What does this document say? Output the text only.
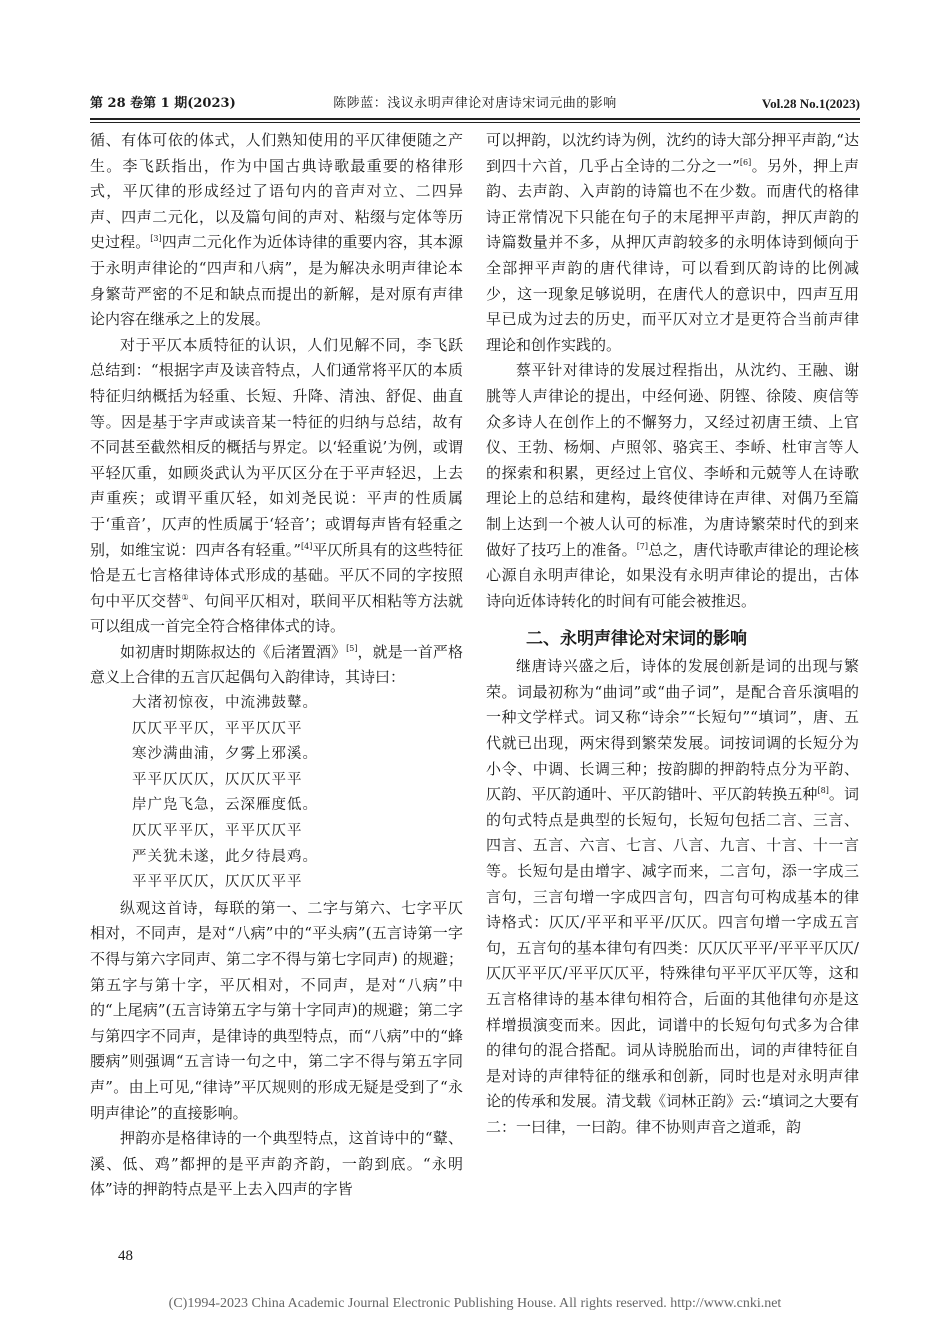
第 28 卷第 1 期(2023)	陈陟蓝：浅议永明声律论对唐诗宋词元曲的影响	Vol.28 No.1(2023)

循、有体可依的体式，人们熟知使用的平仄律便随之产生。李飞跃指出，作为中国古典诗歌最重要的格律形式，平仄律的形成经过了语句内的音声对立、二四异声、四声二元化，以及篇句间的声对、粘缀与定体等历史过程。[3]四声二元化作为近体诗律的重要内容，其本源于永明声律论的“四声和八病”，是为解决永明声律论本身繁苛严密的不足和缺点而提出的新解，是对原有声律论内容在继承之上的发展。

对于平仄本质特征的认识，人们见解不同，李飞跃总结到：“根据字声及读音特点，人们通常将平仄的本质特征归纳概括为轻重、长短、升降、清浊、舒促、曲直等。因是基于字声或读音某一特征的归纳与总结，故有不同甚至截然相反的概括与界定。以‘轻重说’为例，或谓平轻仄重，如顾炎武认为平仄区分在于平声轻迟，上去声重疾；或谓平重仄轻，如刘尧民说：平声的性质属于‘重音’，仄声的性质属于‘轻音’；或谓每声皆有轻重之别，如维宝说：四声各有轻重。”[4]平仄所具有的这些特征恰是五七言格律诗体式形成的基础。平仄不同的字按照句中平仄交替①、句间平仄相对，联间平仄相粘等方法就可以组成一首完全符合格律体式的诗。

如初唐时期陈叔达的《后渚置酒》[5]，就是一首严格意义上合律的五言仄起偶句入韵律诗，其诗曰：

大渚初惊夜，中流沸鼓鼙。
仄仄平平仄，平平仄仄平
寒沙满曲浦，夕雾上邪溪。
平平仄仄仄，仄仄仄平平
岸广凫飞急，云深雁度低。
仄仄平平仄，平平仄仄平
严关犹未遂，此夕待晨鸡。
平平平仄仄，仄仄仄平平

纵观这首诗，每联的第一、二字与第六、七字平仄相对，不同声，是对“八病”中的“平头病”(五言诗第一字不得与第六字同声、第二字不得与第七字同声) 的规避；第五字与第十字，平仄相对，不同声，是对“八病”中的“上尾病”(五言诗第五字与第十字同声)的规避；第二字与第四字不同声，是律诗的典型特点，而“八病”中的“蜂腰病”则强调“五言诗一句之中，第二字不得与第五字同声”。由上可见,“律诗”平仄规则的形成无疑是受到了“永明声律论”的直接影响。

押韵亦是格律诗的一个典型特点，这首诗中的“鼙、溪、低、鸡”都押的是平声韵齐韵，一韵到底。“永明体”诗的押韵特点是平上去入四声的字皆

可以押韵，以沈约诗为例，沈约的诗大部分押平声韵,“达到四十六首，几乎占全诗的二分之一”[6]。另外，押上声韵、去声韵、入声韵的诗篇也不在少数。而唐代的格律诗正常情况下只能在句子的末尾押平声韵，押仄声韵的诗篇数量并不多，从押仄声韵较多的永明体诗到倾向于全部押平声韵的唐代律诗，可以看到仄韵诗的比例减少，这一现象足够说明，在唐代人的意识中，四声互用早已成为过去的历史，而平仄对立才是更符合当前声律理论和创作实践的。

蔡平针对律诗的发展过程指出，从沈约、王融、谢朓等人声律论的提出，中经何逊、阴铿、徐陵、庾信等众多诗人在创作上的不懈努力，又经过初唐王绩、上官仪、王勃、杨炯、卢照邻、骆宾王、李峤、杜审言等人的探索和积累，更经过上官仪、李峤和元兢等人在诗歌理论上的总结和建构，最终使律诗在声律、对偶乃至篇制上达到一个被人认可的标准，为唐诗繁荣时代的到来做好了技巧上的准备。[7]总之，唐代诗歌声律论的理论核心源自永明声律论，如果没有永明声律论的提出，古体诗向近体诗转化的时间有可能会被推迟。

二、永明声律论对宋词的影响

继唐诗兴盛之后，诗体的发展创新是词的出现与繁荣。词最初称为“曲词”或“曲子词”，是配合音乐演唱的一种文学样式。词又称“诗余”“长短句”“填词”，唐、五代就已出现，两宋得到繁荣发展。词按词调的长短分为小令、中调、长调三种；按韵脚的押韵特点分为平韵、仄韵、平仄韵通叶、平仄韵错叶、平仄韵转换五种[8]。词的句式特点是典型的长短句，长短句包括二言、三言、四言、五言、六言、七言、八言、九言、十言、十一言等。长短句是由增字、减字而来，二言句，添一字成三言句，三言句增一字成四言句，四言句可构成基本的律诗格式：仄仄/平平和平平/仄仄。四言句增一字成五言句，五言句的基本律句有四类：仄仄仄平平/平平平仄仄/仄仄平平仄/平平仄仄平，特殊律句平平仄平仄等，这和五言格律诗的基本律句相符合，后面的其他律句亦是这样增损演变而来。因此，词谱中的长短句句式多为合律的律句的混合搭配。词从诗脱胎而出，词的声律特征自是对诗的声律特征的继承和创新，同时也是对永明声律论的传承和发展。清戈载《词林正韵》云:“填词之大要有二：一曰律，一曰韵。律不协则声音之道乖，韵

48
(C)1994-2023 China Academic Journal Electronic Publishing House. All rights reserved. http://www.cnki.net
